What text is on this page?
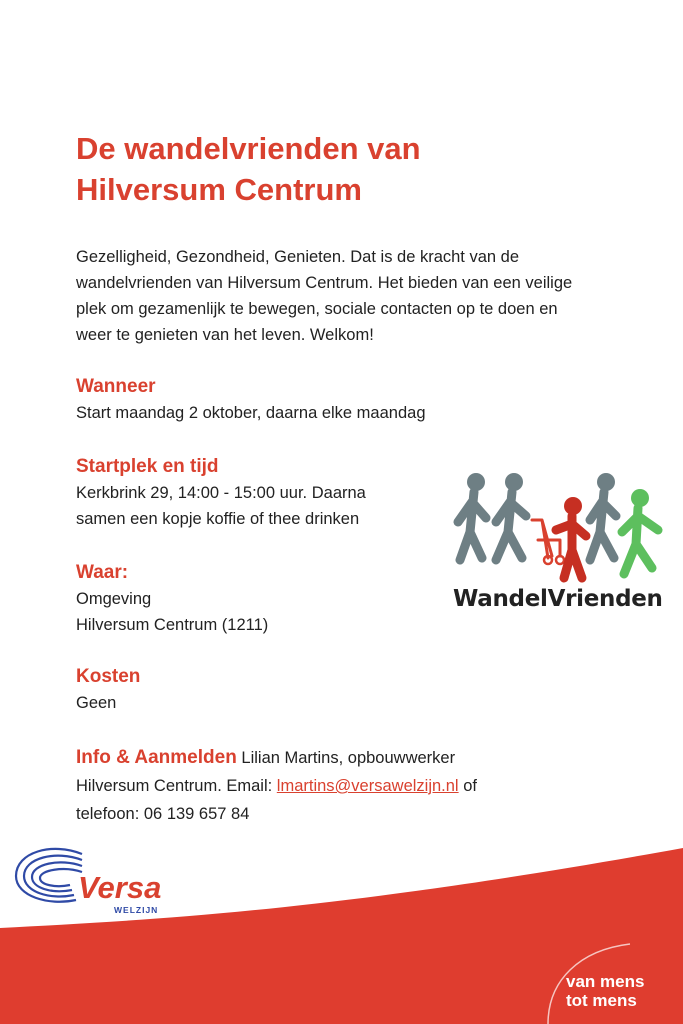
De wandelvrienden van
Hilversum Centrum

Gezelligheid, Gezondheid, Genieten. Dat is de kracht van de wandelvrienden van Hilversum Centrum. Het bieden van een veilige plek om gezamenlijk te bewegen, sociale contacten op te doen en weer te genieten van het leven. Welkom!

Wanneer

Start maandag 2 oktober, daarna elke maandag

Startplek en tijd

Kerkbrink 29, 14:00 - 15:00 uur. Daarna

samen een kopje koffie of thee drinken

Waar:

Omgeving

Hilversum Centrum (1211)

Kosten

Geen

Info & Aanmelden Lilian Martins, opbouwwerker
Hilversum Centrum. Email: lmartins@versawelzijn.nl of
telefoon: 06 139 657 84
WandelVrienden
Versa
WELZIJN
van mens
tot mens
